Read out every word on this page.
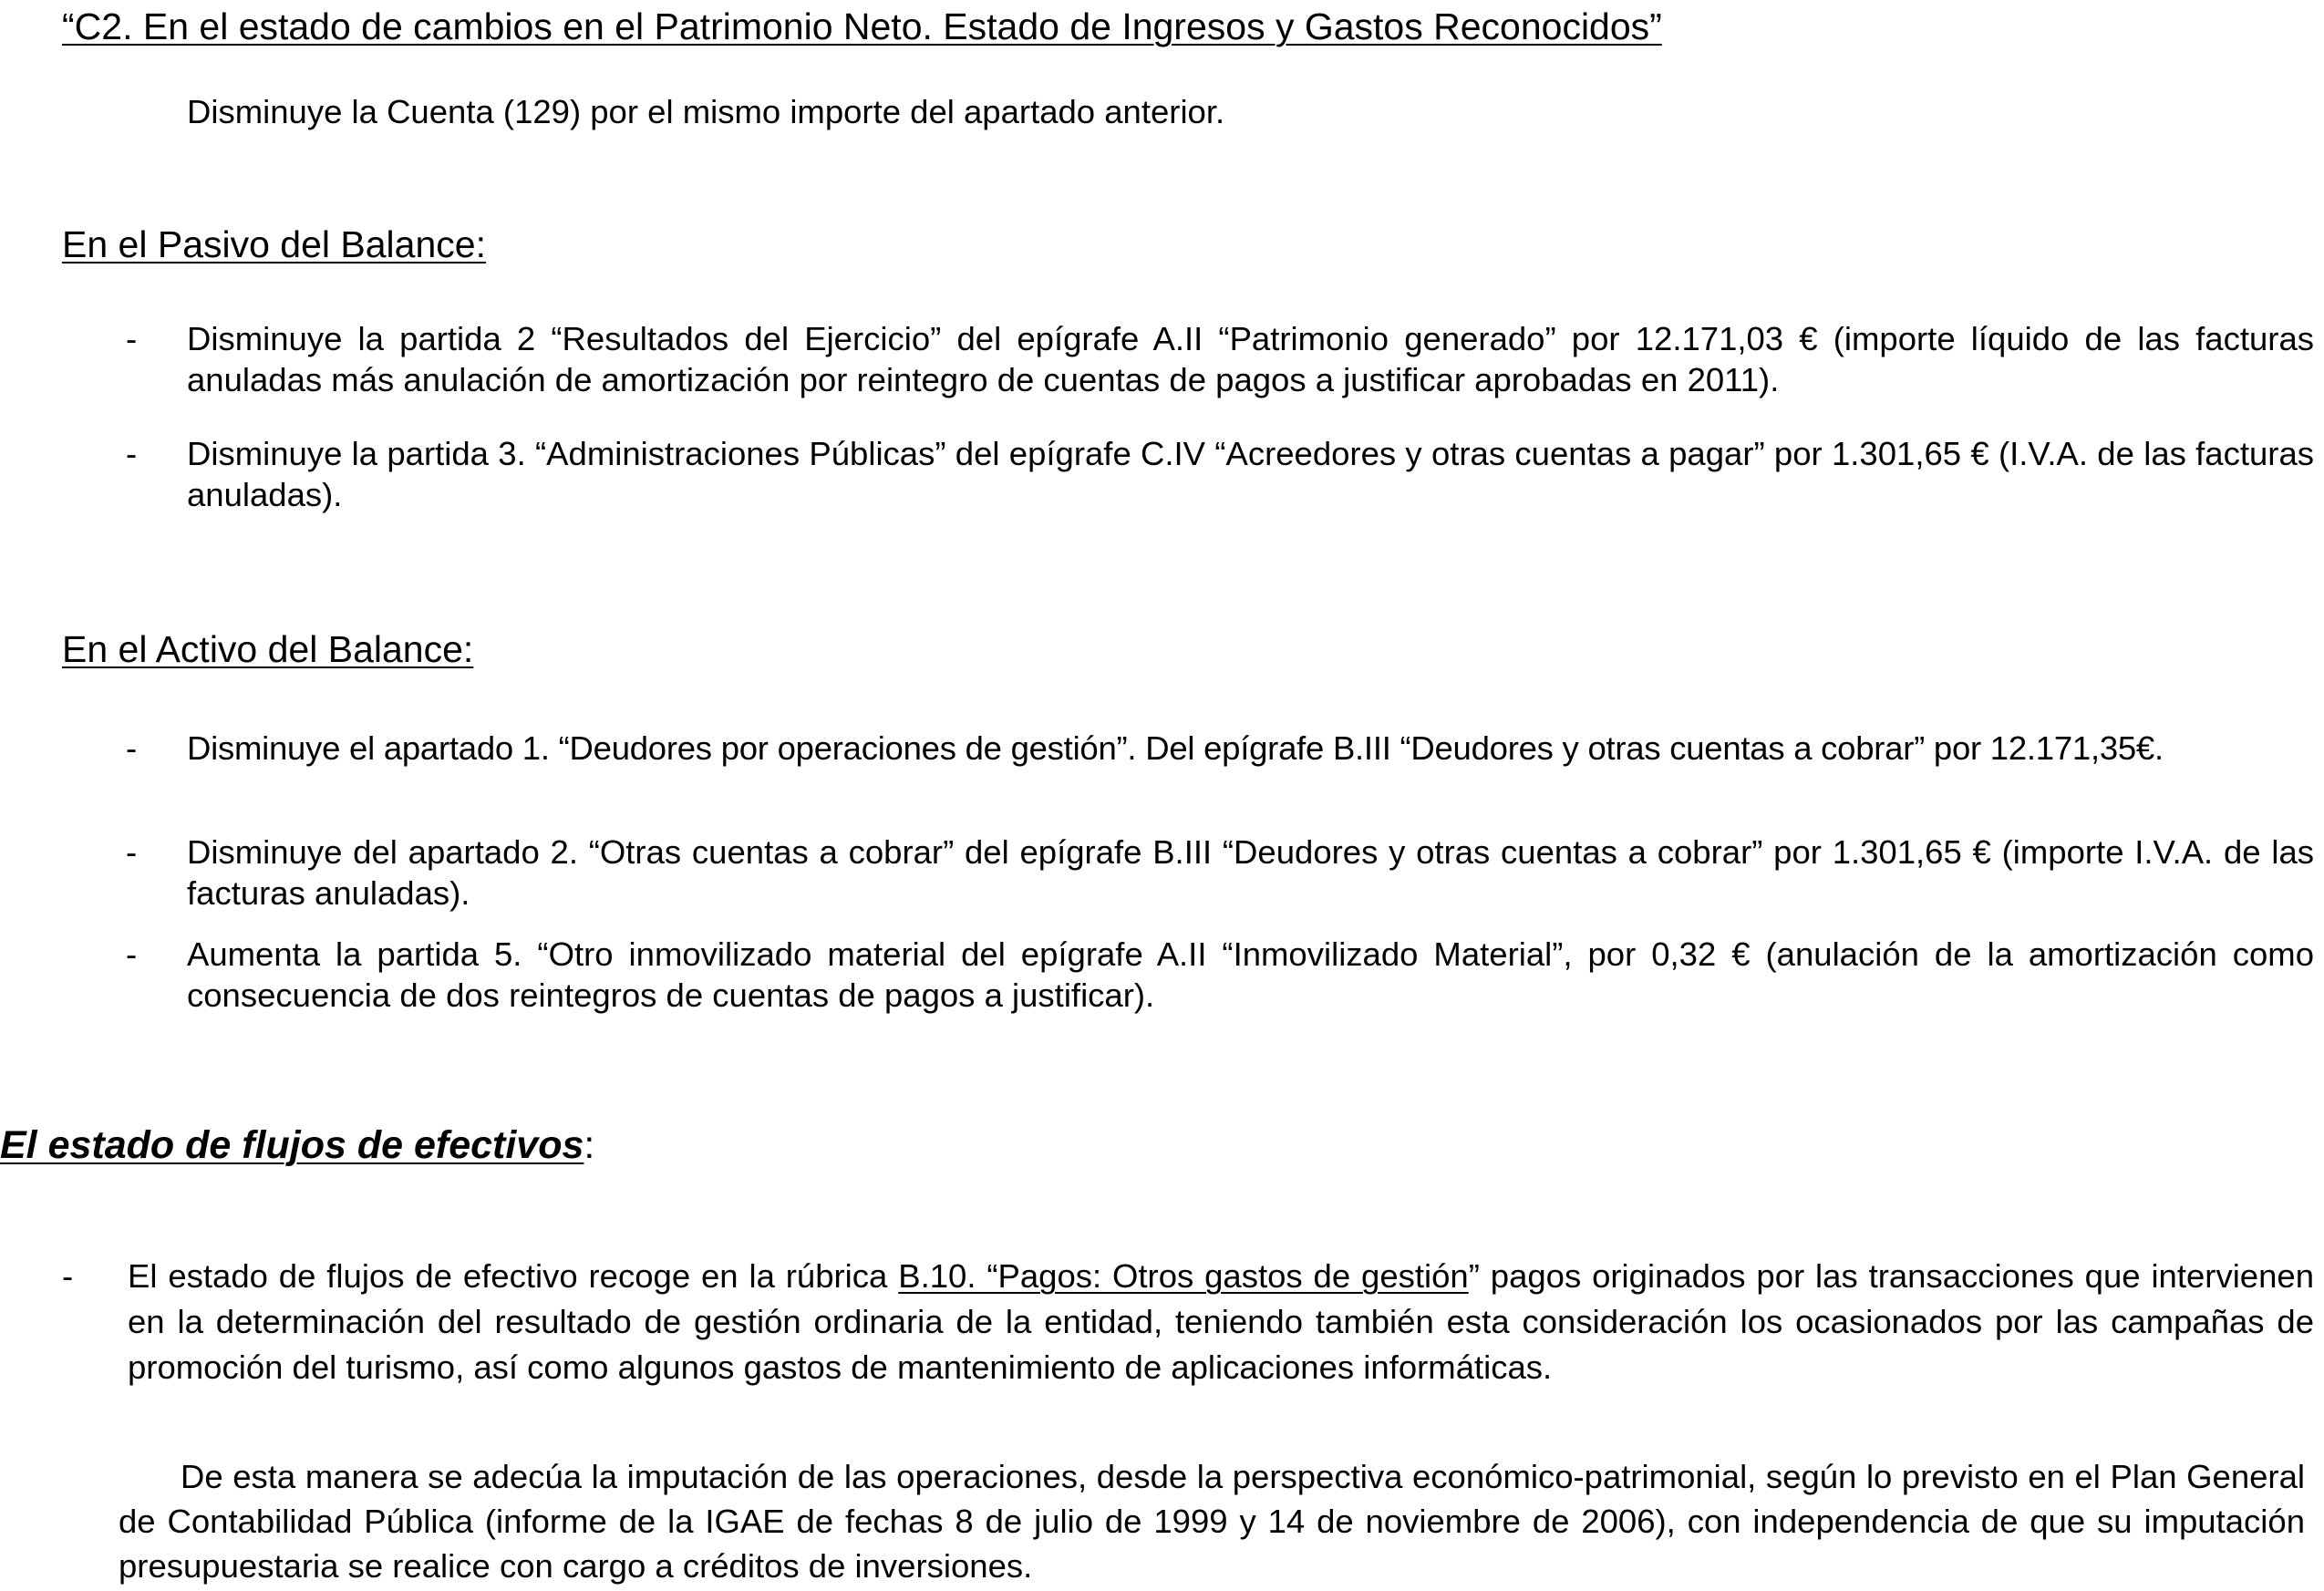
“C2. En el estado de cambios en el Patrimonio Neto. Estado de Ingresos y Gastos Reconocidos”
Disminuye la Cuenta (129) por el mismo importe del apartado anterior.
En el Pasivo del Balance:
- Disminuye la partida 2 “Resultados del Ejercicio” del epígrafe A.II “Patrimonio generado” por 12.171,03 € (importe líquido de las facturas anuladas más anulación de amortización por reintegro de cuentas de pagos a justificar aprobadas en 2011).
- Disminuye la partida 3. “Administraciones Públicas” del epígrafe C.IV “Acreedores y otras cuentas a pagar” por 1.301,65 € (I.V.A. de las facturas anuladas).
En el Activo del Balance:
- Disminuye el apartado 1. “Deudores por operaciones de gestión”. Del epígrafe B.III “Deudores y otras cuentas a cobrar” por 12.171,35€.
- Disminuye del apartado 2. “Otras cuentas a cobrar” del epígrafe B.III “Deudores y otras cuentas a cobrar” por 1.301,65 € (importe I.V.A. de las facturas anuladas).
- Aumenta la partida 5. “Otro inmovilizado material del epígrafe A.II “Inmovilizado Material”, por 0,32 € (anulación de la amortización como consecuencia de dos reintegros de cuentas de pagos a justificar).
El estado de flujos de efectivos:
- El estado de flujos de efectivo recoge en la rúbrica B.10. “Pagos: Otros gastos de gestión” pagos originados por las transacciones que intervienen en la determinación del resultado de gestión ordinaria de la entidad, teniendo también esta consideración los ocasionados por las campañas de promoción del turismo, así como algunos gastos de mantenimiento de aplicaciones informáticas.
De esta manera se adecúa la imputación de las operaciones, desde la perspectiva económico-patrimonial, según lo previsto en el Plan General de Contabilidad Pública (informe de la IGAE de fechas 8 de julio de 1999 y 14 de noviembre de 2006), con independencia de que su imputación presupuestaria se realice con cargo a créditos de inversiones.
